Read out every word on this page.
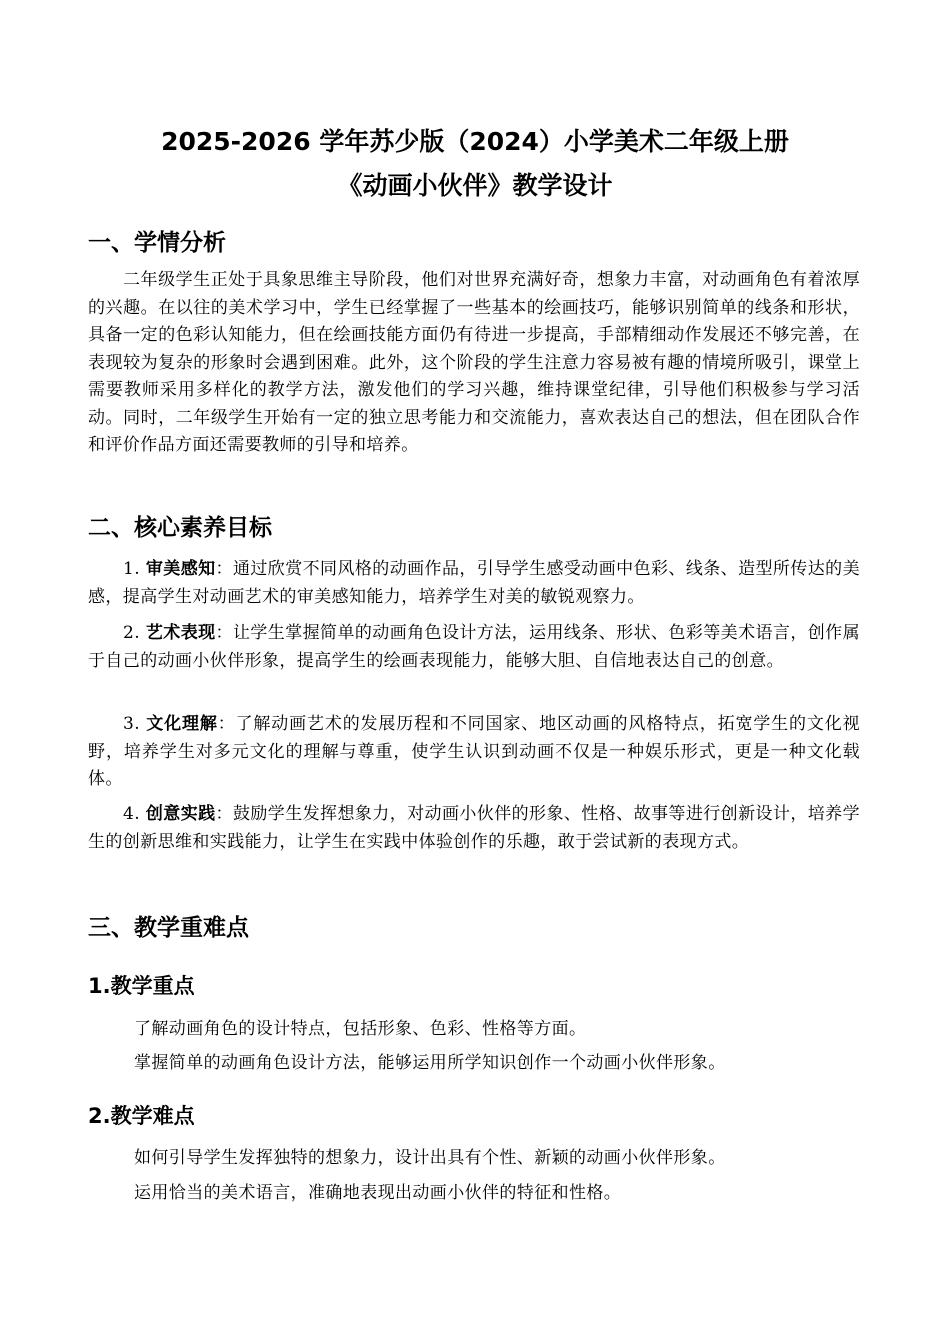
2025-2026 学年苏少版（2024）小学美术二年级上册
《动画小伙伴》教学设计
一、学情分析
二年级学生正处于具象思维主导阶段，他们对世界充满好奇，想象力丰富，对动画角色有着浓厚的兴趣。在以往的美术学习中，学生已经掌握了一些基本的绘画技巧，能够识别简单的线条和形状，具备一定的色彩认知能力，但在绘画技能方面仍有待进一步提高，手部精细动作发展还不够完善，在表现较为复杂的形象时会遇到困难。此外，这个阶段的学生注意力容易被有趣的情境所吸引，课堂上需要教师采用多样化的教学方法，激发他们的学习兴趣，维持课堂纪律，引导他们积极参与学习活动。同时，二年级学生开始有一定的独立思考能力和交流能力，喜欢表达自己的想法，但在团队合作和评价作品方面还需要教师的引导和培养。
二、核心素养目标
1. 审美感知：通过欣赏不同风格的动画作品，引导学生感受动画中色彩、线条、造型所传达的美感，提高学生对动画艺术的审美感知能力，培养学生对美的敏锐观察力。
2. 艺术表现：让学生掌握简单的动画角色设计方法，运用线条、形状、色彩等美术语言，创作属于自己的动画小伙伴形象，提高学生的绘画表现能力，能够大胆、自信地表达自己的创意。
3. 文化理解：了解动画艺术的发展历程和不同国家、地区动画的风格特点，拓宽学生的文化视野，培养学生对多元文化的理解与尊重，使学生认识到动画不仅是一种娱乐形式，更是一种文化载体。
4. 创意实践：鼓励学生发挥想象力，对动画小伙伴的形象、性格、故事等进行创新设计，培养学生的创新思维和实践能力，让学生在实践中体验创作的乐趣，敢于尝试新的表现方式。
三、教学重难点
1.教学重点
了解动画角色的设计特点，包括形象、色彩、性格等方面。
掌握简单的动画角色设计方法，能够运用所学知识创作一个动画小伙伴形象。
2.教学难点
如何引导学生发挥独特的想象力，设计出具有个性、新颖的动画小伙伴形象。
运用恰当的美术语言，准确地表现出动画小伙伴的特征和性格。
